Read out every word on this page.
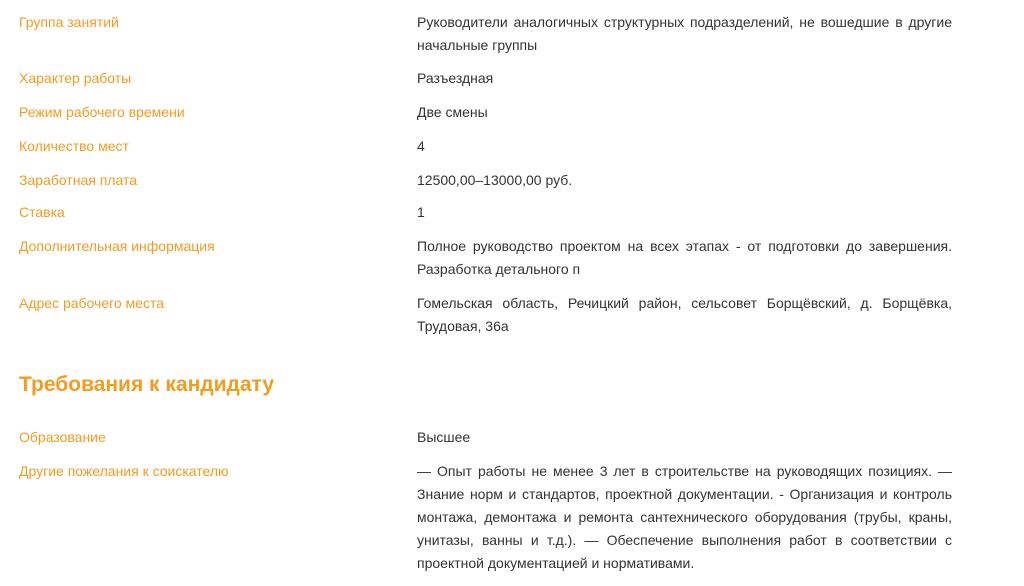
Группа занятий	Руководители аналогичных структурных подразделений, не вошедшие в другие начальные группы
Характер работы	Разъездная
Режим рабочего времени	Две смены
Количество мест	4
Заработная плата	12500,00–13000,00 руб.
Ставка	1
Дополнительная информация	Полное руководство проектом на всех этапах - от подготовки до завершения. Разработка детального п
Адрес рабочего места	Гомельская область, Речицкий район, сельсовет Борщёвский, д. Борщёвка, Трудовая, 36а
Требования к кандидату
Образование	Высшее
Другие пожелания к соискателю	— Опыт работы не менее 3 лет в строительстве на руководящих позициях. — Знание норм и стандартов, проектной документации. - Организация и контроль монтажа, демонтажа и ремонта сантехнического оборудования (трубы, краны, унитазы, ванны и т.д.). — Обеспечение выполнения работ в соответствии с проектной документацией и нормативами.
